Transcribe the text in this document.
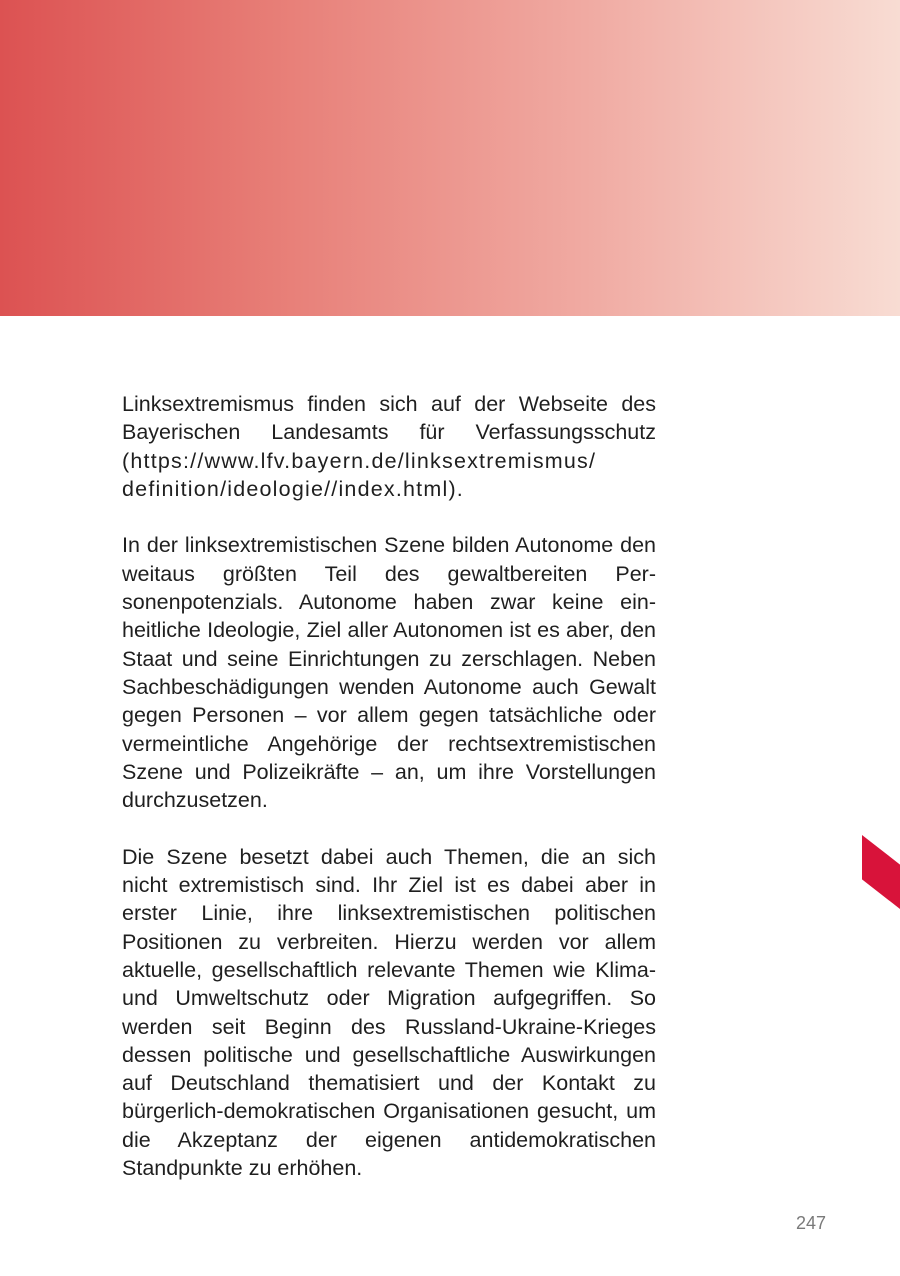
Linksextremismus finden sich auf der Webseite des Bayerischen Landesamts für Verfassungsschutz (https://www.lfv.bayern.de/linksextremismus/ definition/ideologie//index.html).

In der linksextremistischen Szene bilden Autonome den weitaus größten Teil des gewaltbereiten Personenpotenzials. Autonome haben zwar keine einheitliche Ideologie, Ziel aller Autonomen ist es aber, den Staat und seine Einrichtungen zu zerschlagen. Neben Sachbeschädigungen wenden Autonome auch Gewalt gegen Personen – vor allem gegen tatsächliche oder vermeintliche Angehörige der rechtsextremistischen Szene und Polizeikräfte – an, um ihre Vorstellungen durchzusetzen.

Die Szene besetzt dabei auch Themen, die an sich nicht extremistisch sind. Ihr Ziel ist es dabei aber in erster Linie, ihre linksextremistischen politischen Positionen zu verbreiten. Hierzu werden vor allem aktuelle, gesellschaftlich relevante Themen wie Klima- und Umweltschutz oder Migration aufgegriffen. So werden seit Beginn des Russland-Ukraine-Krieges dessen politische und gesellschaftliche Auswirkungen auf Deutschland thematisiert und der Kontakt zu bürgerlich-demokratischen Organisationen gesucht, um die Akzeptanz der eigenen antidemokratischen Standpunkte zu erhöhen.

247
